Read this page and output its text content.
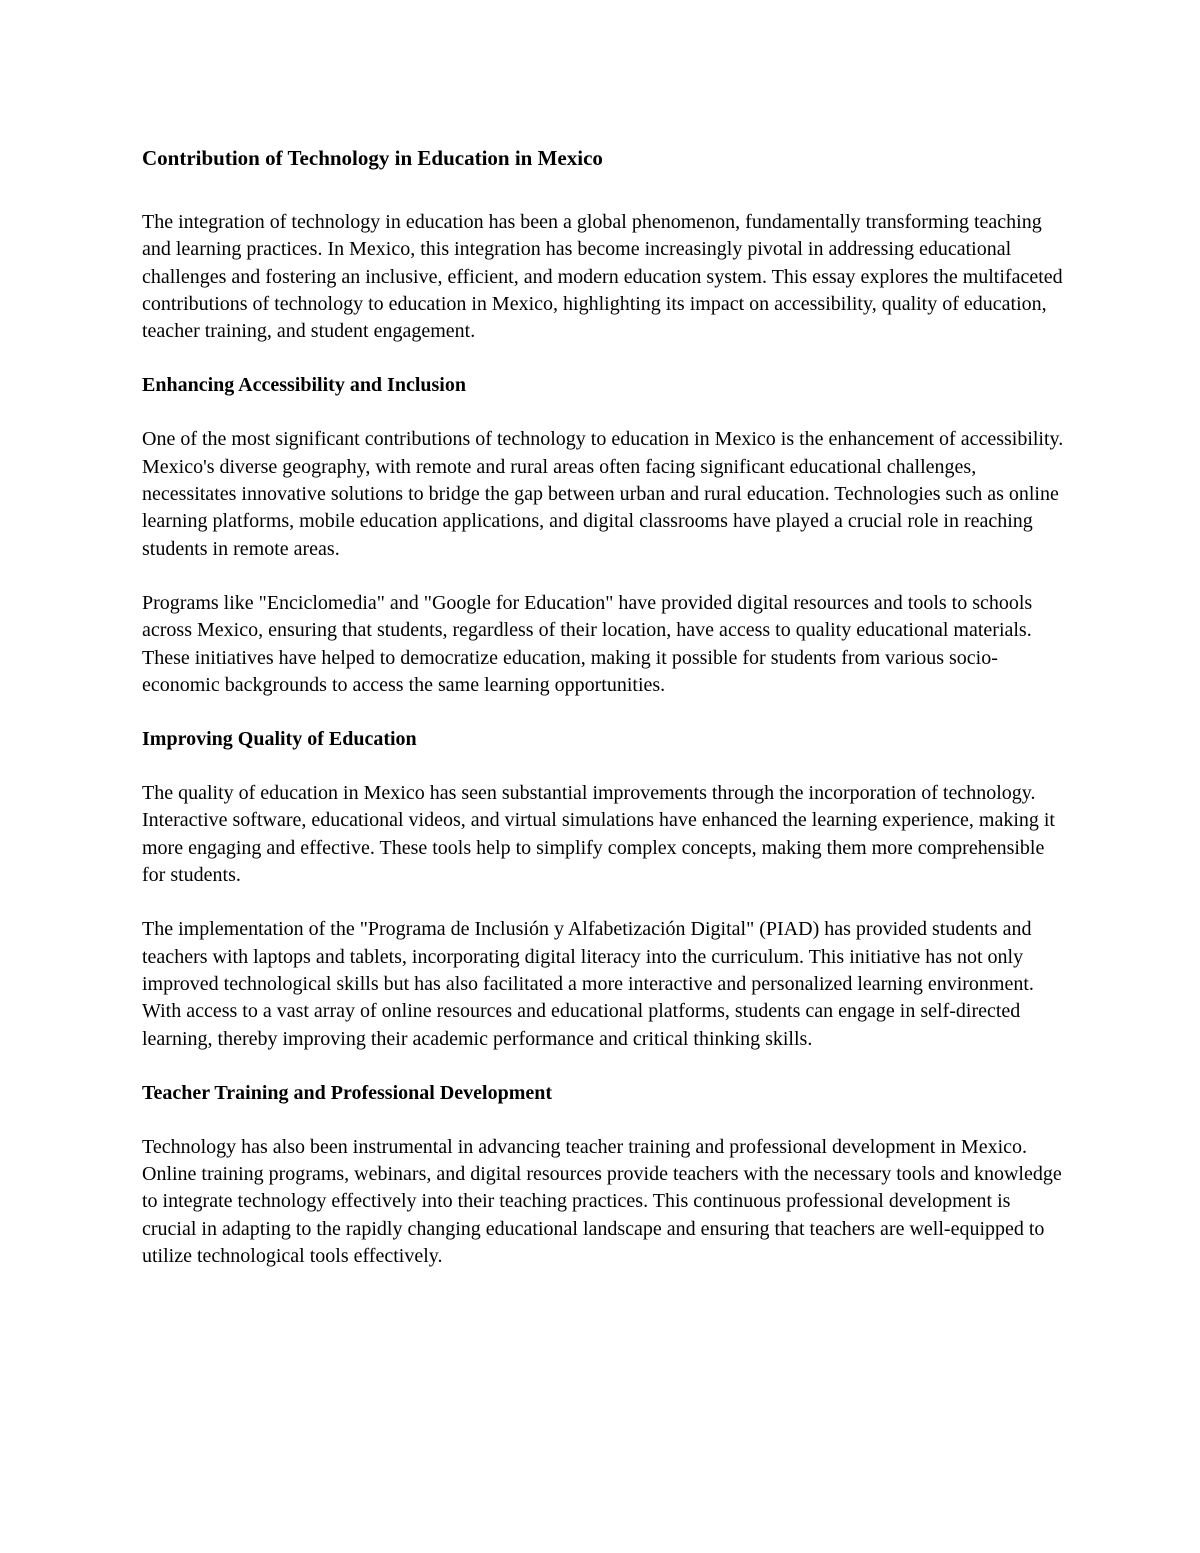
Contribution of Technology in Education in Mexico

The integration of technology in education has been a global phenomenon, fundamentally transforming teaching and learning practices. In Mexico, this integration has become increasingly pivotal in addressing educational challenges and fostering an inclusive, efficient, and modern education system. This essay explores the multifaceted contributions of technology to education in Mexico, highlighting its impact on accessibility, quality of education, teacher training, and student engagement.

Enhancing Accessibility and Inclusion

One of the most significant contributions of technology to education in Mexico is the enhancement of accessibility. Mexico's diverse geography, with remote and rural areas often facing significant educational challenges, necessitates innovative solutions to bridge the gap between urban and rural education. Technologies such as online learning platforms, mobile education applications, and digital classrooms have played a crucial role in reaching students in remote areas.

Programs like "Enciclomedia" and "Google for Education" have provided digital resources and tools to schools across Mexico, ensuring that students, regardless of their location, have access to quality educational materials. These initiatives have helped to democratize education, making it possible for students from various socio-economic backgrounds to access the same learning opportunities.

Improving Quality of Education

The quality of education in Mexico has seen substantial improvements through the incorporation of technology. Interactive software, educational videos, and virtual simulations have enhanced the learning experience, making it more engaging and effective. These tools help to simplify complex concepts, making them more comprehensible for students.

The implementation of the "Programa de Inclusión y Alfabetización Digital" (PIAD) has provided students and teachers with laptops and tablets, incorporating digital literacy into the curriculum. This initiative has not only improved technological skills but has also facilitated a more interactive and personalized learning environment. With access to a vast array of online resources and educational platforms, students can engage in self-directed learning, thereby improving their academic performance and critical thinking skills.

Teacher Training and Professional Development

Technology has also been instrumental in advancing teacher training and professional development in Mexico. Online training programs, webinars, and digital resources provide teachers with the necessary tools and knowledge to integrate technology effectively into their teaching practices. This continuous professional development is crucial in adapting to the rapidly changing educational landscape and ensuring that teachers are well-equipped to utilize technological tools effectively.
